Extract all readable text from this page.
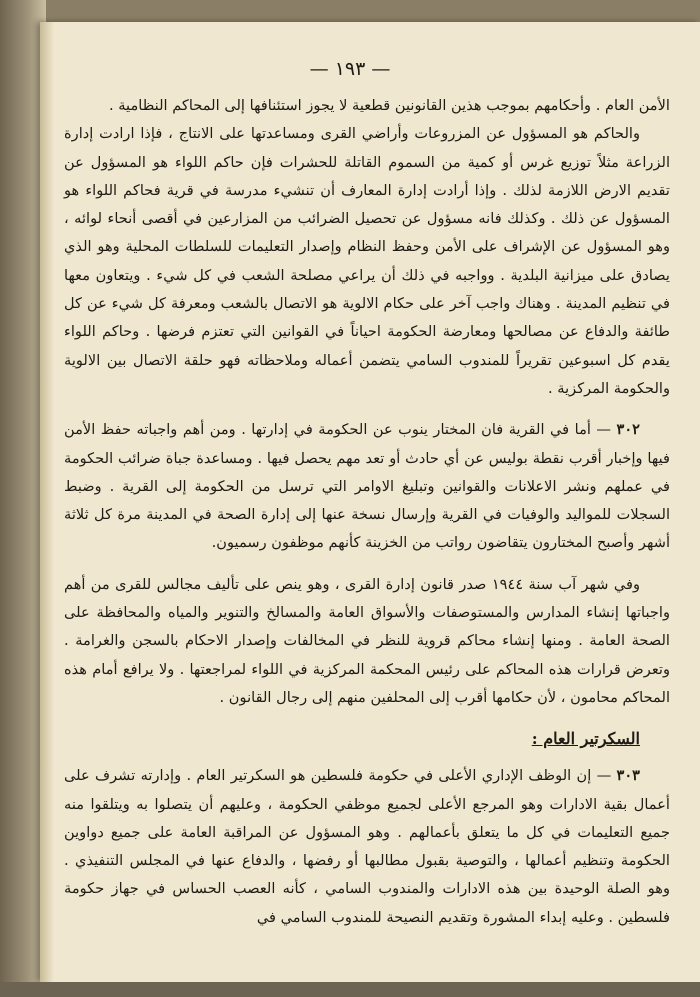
— ١٩٣ —

الأمن العام . وأحكامهم بموجب هذين القانونين قطعية لا يجوز استئنافها إلى المحاكم النظامية .

والحاكم هو المسؤول عن المزروعات وأراضي القرى ومساعدتها على الانتاج ، فإذا ارادت إدارة الزراعة مثلاً توزيع غرس أو كمية من السموم القاتلة للحشرات فإن حاكم اللواء هو المسؤول عن تقديم الارض اللازمة لذلك . وإذا أرادت إدارة المعارف أن تنشيء مدرسة في قرية فحاكم اللواء هو المسؤول عن ذلك . وكذلك فانه مسؤول عن تحصيل الضرائب من المزارعين في أقصى أنحاء لوائه ، وهو المسؤول عن الإشراف على الأمن وحفظ النظام وإصدار التعليمات للسلطات المحلية وهو الذي يصادق على ميزانية البلدية . وواجبه في ذلك أن يراعي مصلحة الشعب في كل شيء . ويتعاون معها في تنظيم المدينة . وهناك واجب آخر على حكام الالوية هو الاتصال بالشعب ومعرفة كل شيء عن كل طائفة والدفاع عن مصالحها ومعارضة الحكومة احياناً في القوانين التي تعتزم فرضها . وحاكم اللواء يقدم كل اسبوعين تقريراً للمندوب السامي يتضمن أعماله وملاحظاته فهو حلقة الاتصال بين الالوية والحكومة المركزية .

٣٠٢ — أما في القرية فان المختار ينوب عن الحكومة في إدارتها . ومن أهم واجباته حفظ الأمن فيها وإخبار أقرب نقطة بوليس عن أي حادث أو تعد مهم يحصل فيها . ومساعدة جباة ضرائب الحكومة في عملهم ونشر الاعلانات والقوانين وتبليغ الاوامر التي ترسل من الحكومة إلى القرية . وضبط السجلات للمواليد والوفيات في القرية وإرسال نسخة عنها إلى إدارة الصحة في المدينة مرة كل ثلاثة أشهر وأصبح المختارون يتقاضون رواتب من الخزينة كأنهم موظفون رسميون.

وفي شهر آب سنة ١٩٤٤ صدر قانون إدارة القرى ، وهو ينص على تأليف مجالس للقرى من أهم واجباتها إنشاء المدارس والمستوصفات والأسواق العامة والمسالخ والتنوير والمياه والمحافظة على الصحة العامة . ومنها إنشاء محاكم قروية للنظر في المخالفات وإصدار الاحكام بالسجن والغرامة . وتعرض قرارات هذه المحاكم على رئيس المحكمة المركزية في اللواء لمراجعتها . ولا يرافع أمام هذه المحاكم محامون ، لأن حكامها أقرب إلى المحلفين منهم إلى رجال القانون .

السكرتير العام :

٣٠٣ — إن الوظف الإداري الأعلى في حكومة فلسطين هو السكرتير العام . وإدارته تشرف على أعمال بقية الادارات وهو المرجع الأعلى لجميع موظفي الحكومة ، وعليهم أن يتصلوا به ويتلقوا منه جميع التعليمات في كل ما يتعلق بأعمالهم . وهو المسؤول عن المراقبة العامة على جميع دواوين الحكومة وتنظيم أعمالها ، والتوصية بقبول مطالبها أو رفضها ، والدفاع عنها في المجلس التنفيذي . وهو الصلة الوحيدة بين هذه الادارات والمندوب السامي ، كأنه العصب الحساس في جهاز حكومة فلسطين . وعليه إبداء المشورة وتقديم النصيحة للمندوب السامي في
